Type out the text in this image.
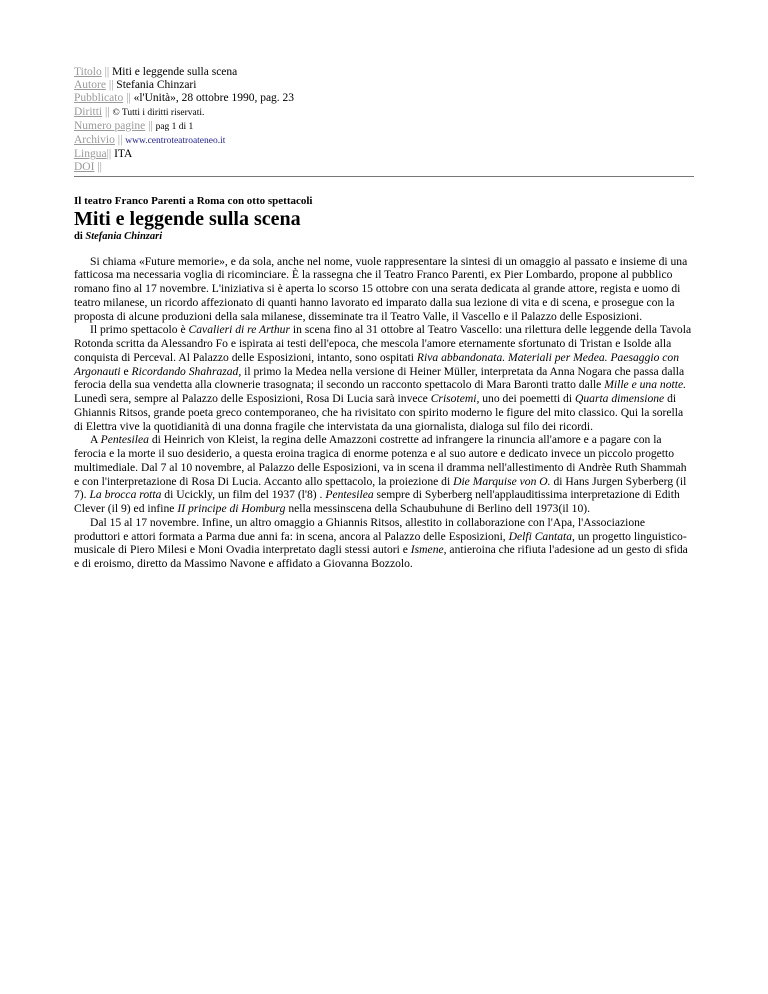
Titolo || Miti e leggende sulla scena
Autore || Stefania Chinzari
Pubblicato || «l'Unità», 28 ottobre 1990, pag. 23
Diritti || © Tutti i diritti riservati.
Numero pagine || pag 1 di 1
Archivio || www.centroteatroateneo.it
Lingua|| ITA
DOI ||
Il teatro Franco Parenti a Roma con otto spettacoli
Miti e leggende sulla scena
di Stefania Chinzari

Si chiama «Future memorie», e da sola, anche nel nome, vuole rappresentare la sintesi di un omaggio al passato e insieme di una fatticosa ma necessaria voglia di ricominciare. È la rassegna che il Teatro Franco Parenti, ex Pier Lombardo, propone al pubblico romano fino al 17 novembre. L'iniziativa si è aperta lo scorso 15 ottobre con una serata dedicata al grande attore, regista e uomo di teatro milanese, un ricordo affezionato di quanti hanno lavorato ed imparato dalla sua lezione di vita e di scena, e prosegue con la proposta di alcune produzioni della sala milanese, disseminate tra il Teatro Valle, il Vascello e il Palazzo delle Esposizioni.

Il primo spettacolo è Cavalieri di re Arthur in scena fino al 31 ottobre al Teatro Vascello: una rilettura delle leggende della Tavola Rotonda scritta da Alessandro Fo e ispirata ai testi dell'epoca, che mescola l'amore eternamente sfortunato di Tristan e Isolde alla conquista di Perceval. Al Palazzo delle Esposizioni, intanto, sono ospitati Riva abbandonata. Materiali per Medea. Paesaggio con Argonauti e Ricordando Shahrazad, il primo la Medea nella versione di Heiner Müller, interpretata da Anna Nogara che passa dalla ferocia della sua vendetta alla clownerie trasognata; il secondo un racconto spettacolo di Mara Baronti tratto dalle Mille e una notte. Lunedì sera, sempre al Palazzo delle Esposizioni, Rosa Di Lucia sarà invece Crisotemi, uno dei poemetti di Quarta dimensione di Ghiannis Ritsos, grande poeta greco contemporaneo, che ha rivisitato con spirito moderno le figure del mito classico. Qui la sorella di Elettra vive la quotidianità di una donna fragile che intervistata da una giornalista, dialoga sul filo dei ricordi.

A Pentesilea di Heinrich von Kleist, la regina delle Amazzoni costrette ad infrangere la rinuncia all'amore e a pagare con la ferocia e la morte il suo desiderio, a questa eroina tragica di enorme potenza e al suo autore e dedicato invece un piccolo progetto multimediale. Dal 7 al 10 novembre, al Palazzo delle Esposizioni, va in scena il dramma nell'allestimento di Andrèe Ruth Shammah e con l'interpretazione di Rosa Di Lucia. Accanto allo spettacolo, la proiezione di Die Marquise von O. di Hans Jurgen Syberberg (il 7). La brocca rotta di Ucickly, un film del 1937 (l'8) . Pentesilea sempre di Syberberg nell'applauditissima interpretazione di Edith Clever (il 9) ed infine II principe di Homburg nella messinscena della Schaubuhune di Berlino dell 1973(il 10).

Dal 15 al 17 novembre. Infine, un altro omaggio a Ghiannis Ritsos, allestito in collaborazione con l'Apa, l'Associazione produttori e attori formata a Parma due anni fa: in scena, ancora al Palazzo delle Esposizioni, Delfi Cantata, un progetto linguistico-musicale di Piero Milesi e Moni Ovadia interpretato dagli stessi autori e Ismene, antieroina che rifiuta l'adesione ad un gesto di sfida e di eroismo, diretto da Massimo Navone e affidato a Giovanna Bozzolo.
